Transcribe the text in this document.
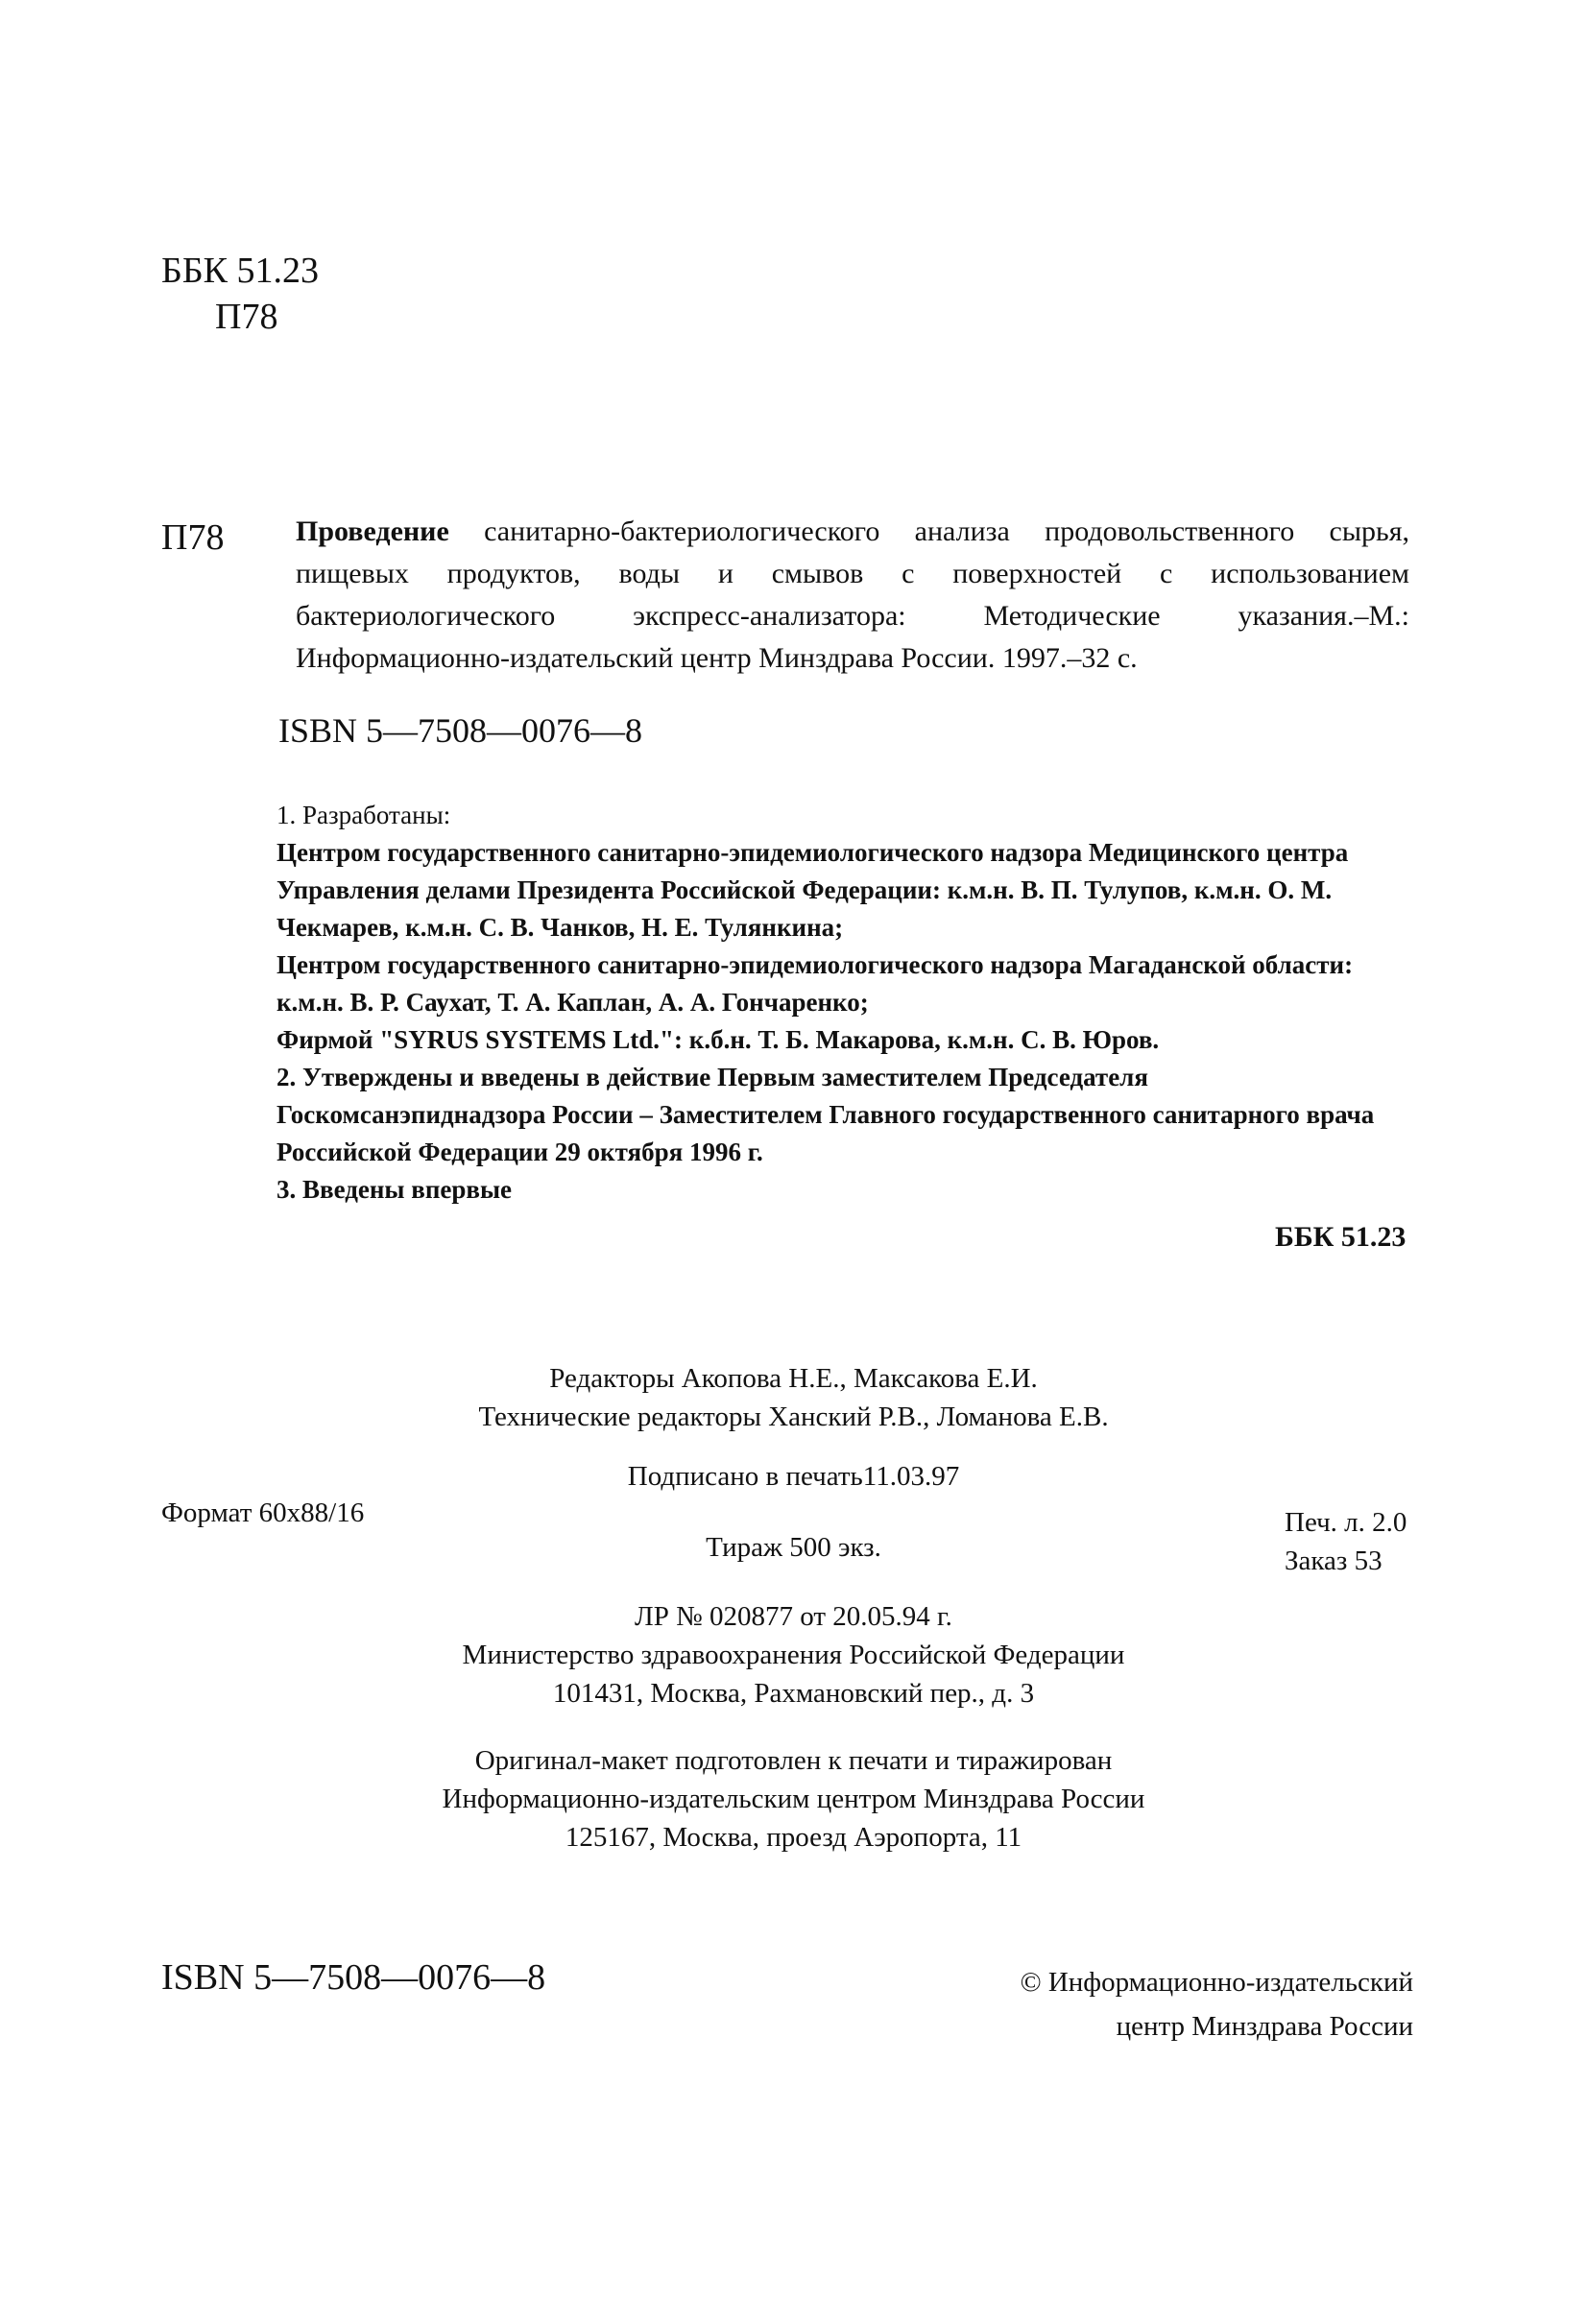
ББК 51.23
П78
П78 Проведение санитарно-бактериологического анализа продовольственного сырья, пищевых продуктов, воды и смывов с поверхностей с использованием бактериологического экспресс-анализатора: Методические указания.–М.: Информационно-издательский центр Минздрава России. 1997.–32 с.
ISBN 5—7508—0076—8

1. Разработаны:

Центром государственного санитарно-эпидемиологического надзора Медицинского центра Управления делами Президента Российской Федерации: к.м.н. В. П. Тулупов, к.м.н. О. М. Чекмарев, к.м.н. С. В. Чанков, Н. Е. Тулянкина;

Центром государственного санитарно-эпидемиологического надзора Магаданской области: к.м.н. В. Р. Саухат, Т. А. Каплан, А. А. Гончаренко;

Фирмой "SYRUS SYSTEMS Ltd.": к.б.н. Т. Б. Макарова, к.м.н. С. В. Юров.

2. Утверждены и введены в действие Первым заместителем Председателя Госкомсанэпиднадзора России – Заместителем Главного государственного санитарного врача Российской Федерации 29 октября 1996 г.

3. Введены впервые

ББК 51.23
Редакторы Акопова Н.Е., Максакова Е.И.
Технические редакторы Ханский Р.В., Ломанова Е.В.
Подписано в печать11.03.97
Формат 60x88/16	Печ. л. 2.0
Тираж 500 экз.	Заказ 53
ЛР № 020877 от 20.05.94 г.
Министерство здравоохранения Российской Федерации
101431, Москва, Рахмановский пер., д. 3
Оригинал-макет подготовлен к печати и тиражирован
Информационно-издательским центром Минздрава России
125167, Москва, проезд Аэропорта, 11
ISBN 5—7508—0076—8	© Информационно-издательский
центр Минздрава России
